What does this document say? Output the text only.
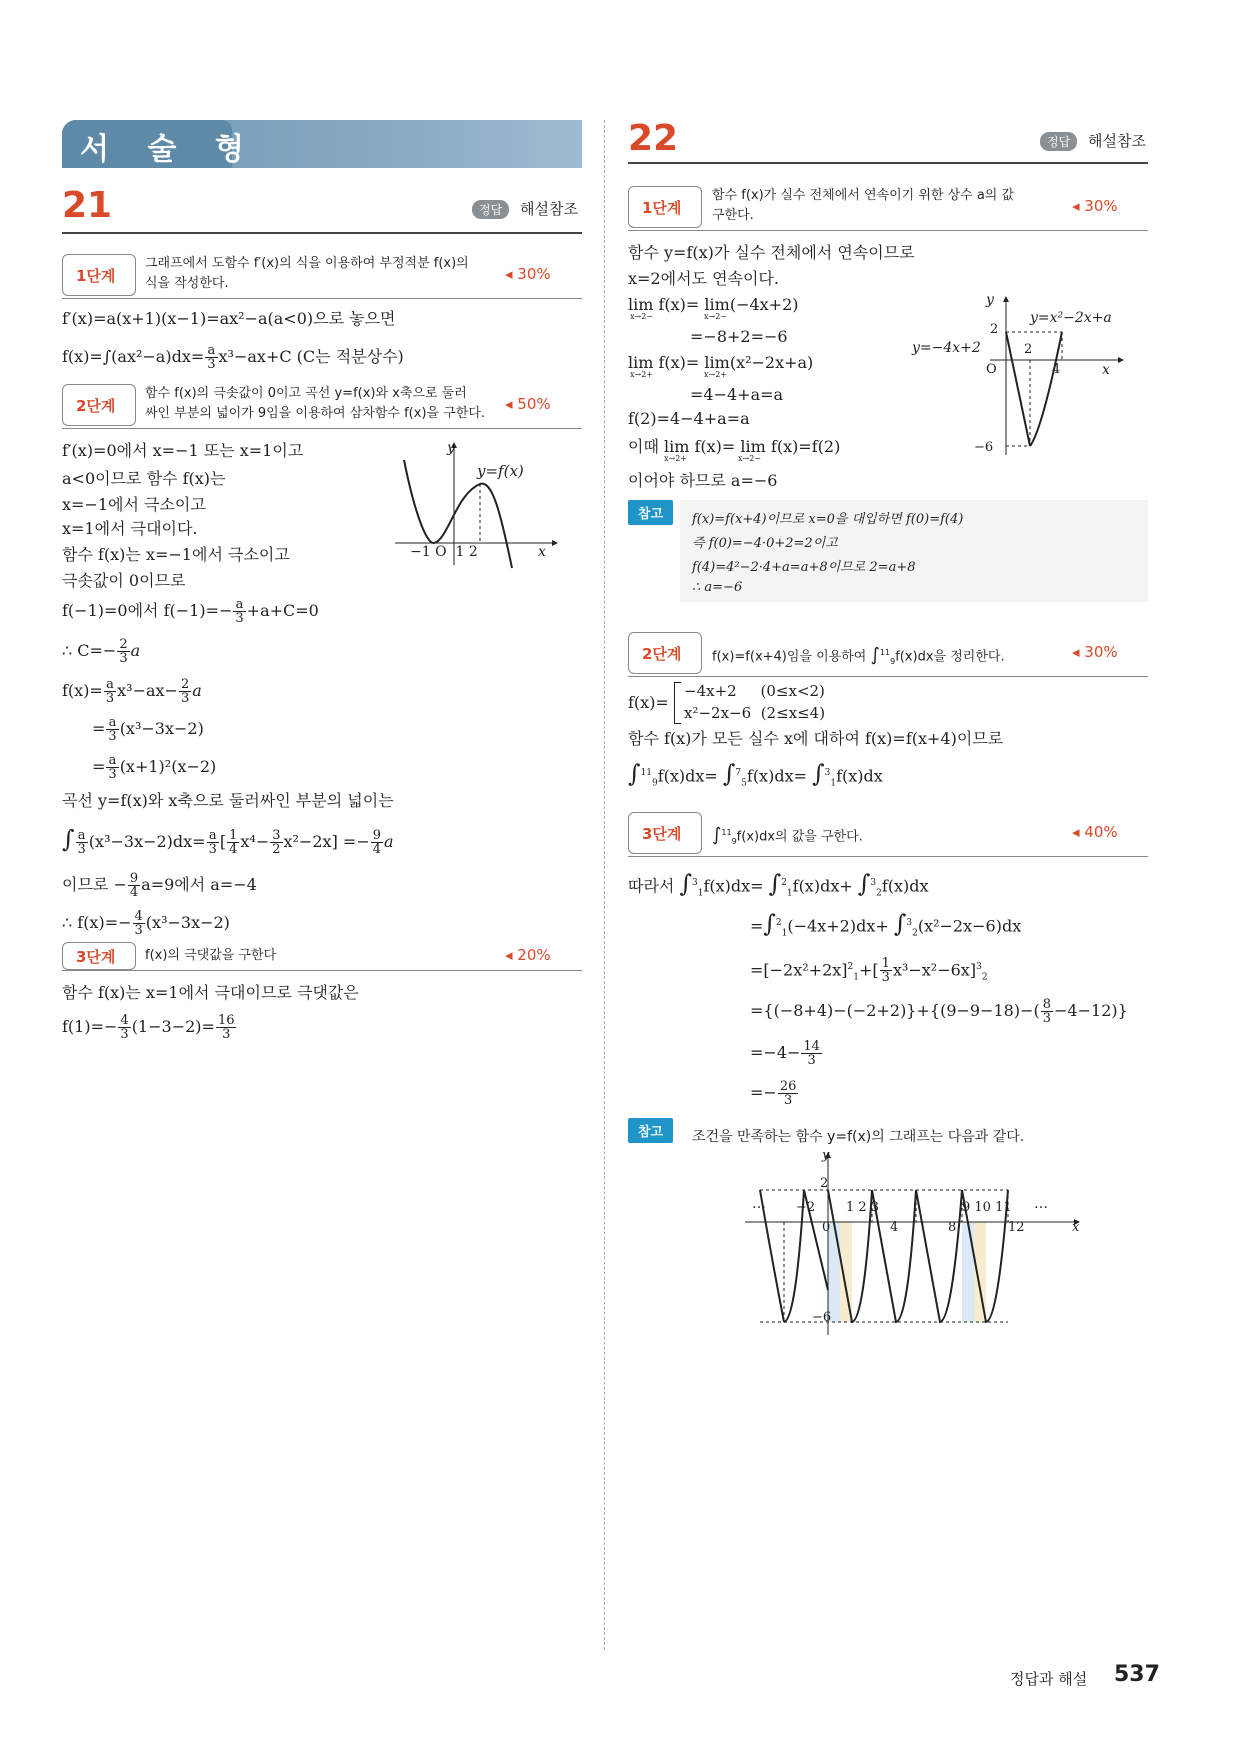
서 술 형
21	정답	해설참조
1단계
그래프에서 도함수 f′(x)의 식을 이용하여 부정적분 f(x)의
식을 작성한다.
◂ 30%
f′(x)=a(x+1)(x−1)=ax²−a(a<0)으로 놓으면
$f(x)=\int(ax^2-a)dx= \frac{a}{3} x^3-ax+C$ (C는 적분상수)
2단계
함수 f(x)의 극솟값이 0이고 곡선 y=f(x)와 x축으로 둘러
싸인 부분의 넓이가 9임을 이용하여 삼차함수 f(x)을 구한다.
◂ 50%
f′(x)=0에서 x=−1 또는 x=1이고
a<0이므로 함수 f(x)는
x=−1에서 극소이고
x=1에서 극대이다.
함수 f(x)는 x=−1에서 극소이고
극솟값이 0이므로
y
y=f(x)
−1 O  1 2	x
f(−1)=0에서 $f(-1)=- \frac{a}{3} +a+C=0$
∴ $C=- \frac{2}{3}$ a
$f(x)= \frac{a}{3} x^3-ax- \frac{2}{3}$ a
= $\frac{a}{3} (x^3-3x-2)$
= $\frac{a}{3} (x+1)^2(x-2)$
곡선 y=f(x)와 x축으로 둘러싸인 부분의 넓이는
∫ $\frac{a}{3} (x^3-3x-2)dx= \frac{a}{3}$ [ $\frac{1}{4} x^4- \frac{3}{2} x^2-2x] =- \frac{9}{4}$ a
이므로 − $\frac{9}{4} a=9$에서 a=−4
∴ $f(x)=- \frac{4}{3} (x^3-3x-2)$
3단계 f(x)의 극댓값을 구한다	◂ 20%
함수 f(x)는 x=1에서 극대이므로 극댓값은
$f(1)=- \frac{4}{3} (1-3-2)= \frac{16}{3}$
22	정답	해설참조
1단계
함수 f(x)가 실수 전체에서 연속이기 위한 상수 a의 값
구한다.
◂ 30%
함수 y=f(x)가 실수 전체에서 연속이므로
x=2에서도 연속이다.
lim f(x)= lim(−4x+2)
x→2−	x→2−
=−8+2=−6
lim f(x)= lim(x²−2x+a)
x→2+	x→2+
=4−4+a=a
f(2)=4−4+a=a
이때 lim f(x)= lim f(x)=f(2)
x→2+	x→2−
이어야 하므로 a=−6
y
y=x²−2x+a
y=−4x+2
2
2
O	4	x
−6
참고	f(x)=f(x+4)이므로 x=0을 대입하면 f(0)=f(4)
즉 f(0)=−4·0+2=2이고
f(4)=4²−2·4+a=a+8이므로 2=a+8
∴ a=−6
2단계 f(x)=f(x+4)임을 이용하여 ∫$^{11}_9$f(x)dx을 정리한다.	◂ 30%
f(x)=
−4x+2     (0≤x<2)
x²−2x−6  (2≤x≤4)
함수 f(x)가 모든 실수 x에 대하여 f(x)=f(x+4)이므로
∫$^{11}_9$f(x)dx= ∫$^7_5$f(x)dx= ∫$^3_1$f(x)dx
3단계 ∫$^{11}_9$f(x)dx의 값을 구한다.	◂ 40%
따라서 ∫$^3_1$f(x)dx= ∫$^2_1$f(x)dx+ ∫$^3_2$f(x)dx
=∫$^2_1$(−4x+2)dx+ ∫$^3_2$(x²−2x−6)dx
$=[-2x^2+2x]^2_1+[ \frac{1}{3} x^3-x^2-6x]^3_2$
$=\{(-8+4)-(-2+2)\}+\{(9-9-18)-( \frac{8}{3} -4-12)\}$
$=-4- \frac{14}{3}$
=− $\frac{26}{3}$
참고	조건을 만족하는 함수 y=f(x)의 그래프는 다음과 같다.
y
2
… −2
0
1 2 3
4	8
9 10 11
12
…
x
−6
정답과 해설 537
